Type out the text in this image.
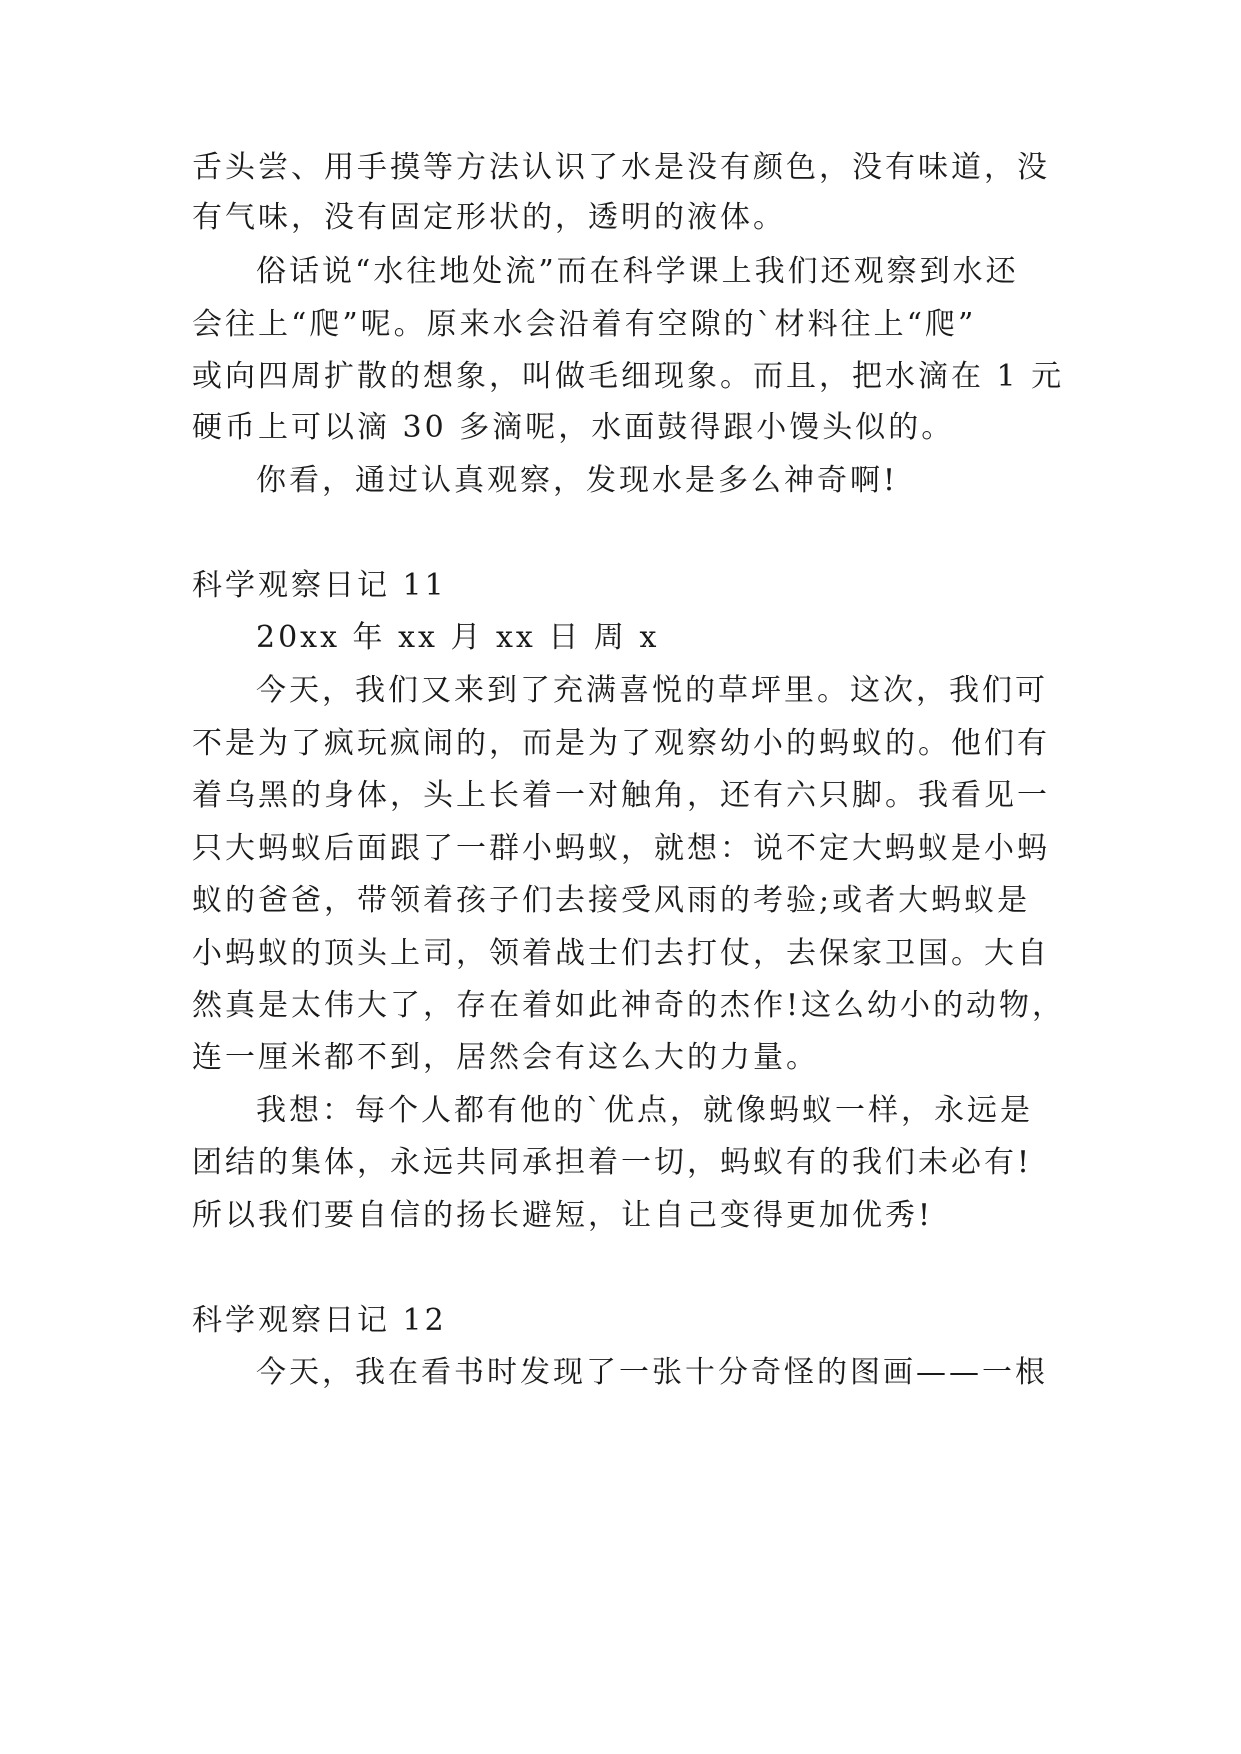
舌头尝、用手摸等方法认识了水是没有颜色，没有味道，没
有气味，没有固定形状的，透明的液体。
俗话说“水往地处流”而在科学课上我们还观察到水还
会往上“爬”呢。原来水会沿着有空隙的`材料往上“爬”
或向四周扩散的想象，叫做毛细现象。而且，把水滴在 1 元
硬币上可以滴 30 多滴呢，水面鼓得跟小馒头似的。
你看，通过认真观察，发现水是多么神奇啊!
科学观察日记 11
20xx 年 xx 月 xx 日 周 x
今天，我们又来到了充满喜悦的草坪里。这次，我们可
不是为了疯玩疯闹的，而是为了观察幼小的蚂蚁的。他们有
着乌黑的身体，头上长着一对触角，还有六只脚。我看见一
只大蚂蚁后面跟了一群小蚂蚁，就想：说不定大蚂蚁是小蚂
蚁的爸爸，带领着孩子们去接受风雨的考验;或者大蚂蚁是
小蚂蚁的顶头上司，领着战士们去打仗，去保家卫国。大自
然真是太伟大了，存在着如此神奇的杰作!这么幼小的动物，
连一厘米都不到，居然会有这么大的力量。
我想：每个人都有他的`优点，就像蚂蚁一样，永远是
团结的集体，永远共同承担着一切，蚂蚁有的我们未必有!
所以我们要自信的扬长避短，让自己变得更加优秀!
科学观察日记 12
今天，我在看书时发现了一张十分奇怪的图画——一根
